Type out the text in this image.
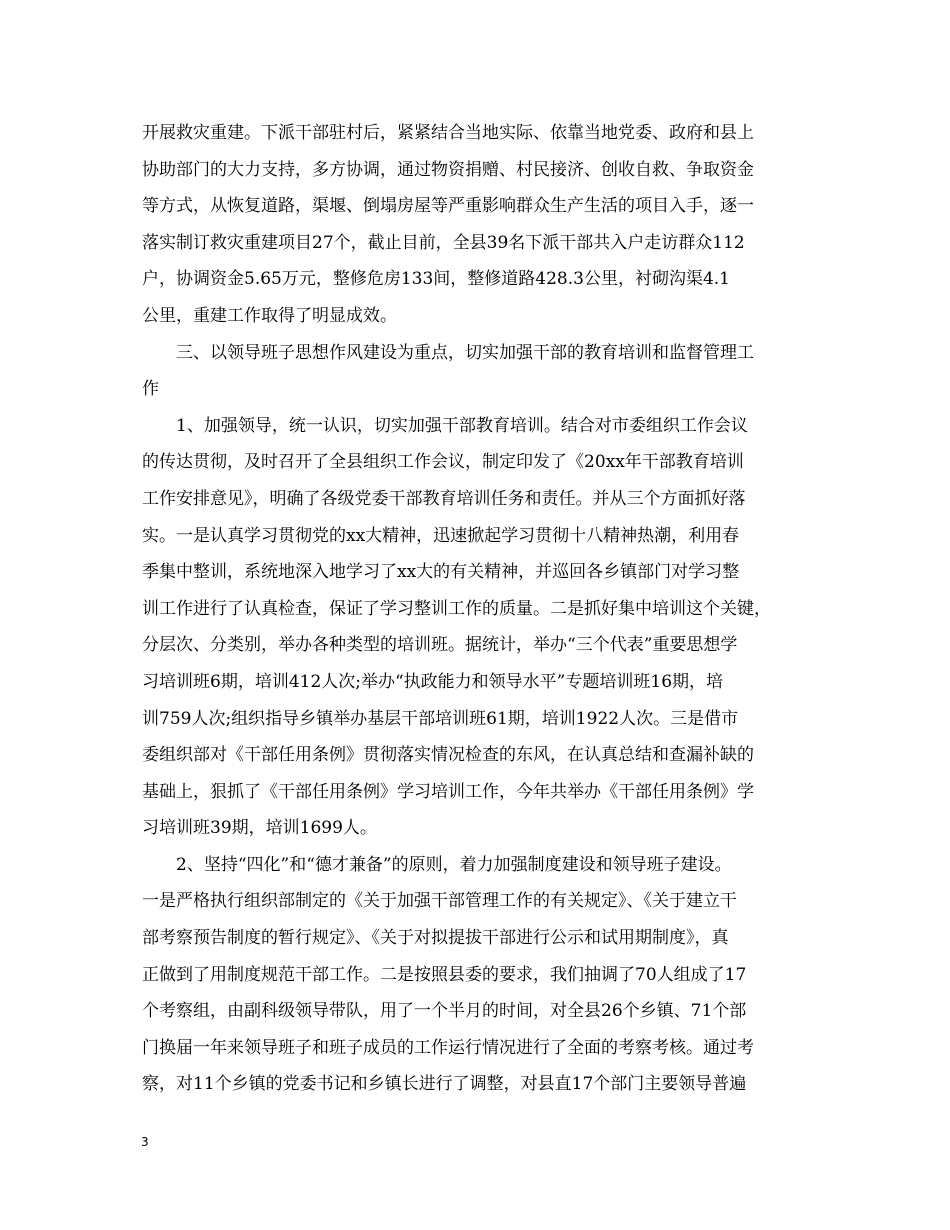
开展救灾重建。下派干部驻村后，紧紧结合当地实际、依靠当地党委、政府和县上
协助部门的大力支持，多方协调，通过物资捐赠、村民接济、创收自救、争取资金
等方式，从恢复道路，渠堰、倒塌房屋等严重影响群众生产生活的项目入手，逐一
落实制订救灾重建项目27个，截止目前，全县39名下派干部共入户走访群众112
户，协调资金5.65万元，整修危房133间，整修道路428.3公里，衬砌沟渠4.1
公里，重建工作取得了明显成效。
　　三、以领导班子思想作风建设为重点，切实加强干部的教育培训和监督管理工
作
　　1、加强领导，统一认识，切实加强干部教育培训。结合对市委组织工作会议
的传达贯彻，及时召开了全县组织工作会议，制定印发了《20xx年干部教育培训
工作安排意见》，明确了各级党委干部教育培训任务和责任。并从三个方面抓好落
实。一是认真学习贯彻党的xx大精神，迅速掀起学习贯彻十八精神热潮，利用春
季集中整训，系统地深入地学习了xx大的有关精神，并巡回各乡镇部门对学习整
训工作进行了认真检查，保证了学习整训工作的质量。二是抓好集中培训这个关键，
分层次、分类别，举办各种类型的培训班。据统计，举办“三个代表”重要思想学
习培训班6期，培训412人次;举办“执政能力和领导水平”专题培训班16期，培
训759人次;组织指导乡镇举办基层干部培训班61期，培训1922人次。三是借市
委组织部对《干部任用条例》贯彻落实情况检查的东风，在认真总结和查漏补缺的
基础上，狠抓了《干部任用条例》学习培训工作，今年共举办《干部任用条例》学
习培训班39期，培训1699人。
　　2、坚持“四化”和“德才兼备”的原则，着力加强制度建设和领导班子建设。
一是严格执行组织部制定的《关于加强干部管理工作的有关规定》、《关于建立干
部考察预告制度的暂行规定》、《关于对拟提拔干部进行公示和试用期制度》，真
正做到了用制度规范干部工作。二是按照县委的要求，我们抽调了70人组成了17
个考察组，由副科级领导带队，用了一个半月的时间，对全县26个乡镇、71个部
门换届一年来领导班子和班子成员的工作运行情况进行了全面的考察考核。通过考
察，对11个乡镇的党委书记和乡镇长进行了调整，对县直17个部门主要领导普遍
3
